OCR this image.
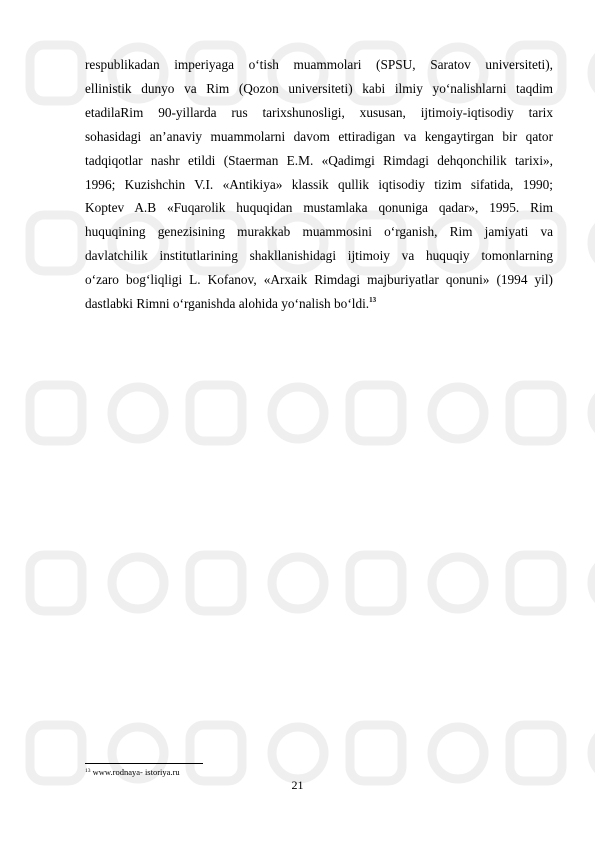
respublikadan imperiyaga o‘tish muammolari (SPSU, Saratov universiteti),
ellinistik dunyo va Rim (Qozon universiteti) kabi ilmiy yo‘nalishlarni taqdim
etadilaRim 90-yillarda rus tarixshunosligi, xususan, ijtimoiy-iqtisodiy tarix
sohasidagi an’anaviy muammolarni davom ettiradigan va kengaytirgan bir qator
tadqiqotlar nashr etildi (Staerman E.M. «Qadimgi Rimdagi dehqonchilik tarixi»,
1996; Kuzishchin V.I. «Antikiya» klassik qullik iqtisodiy tizim sifatida, 1990;
Koptev A.B «Fuqarolik huquqidan mustamlaka qonuniga qadar», 1995. Rim
huquqining genezisining murakkab muammosini o‘rganish, Rim jamiyati va
davlatchilik institutlarining shakllanishidagi ijtimoiy va huquqiy tomonlarning
o‘zaro bog‘liqligi L. Kofanov, «Arxaik Rimdagi majburiyatlar qonuni» (1994 yil)
dastlabki Rimni o‘rganishda alohida yo‘nalish bo‘ldi.$^{13}$
$^{13}$ www.rodnaya- istoriya.ru
21
